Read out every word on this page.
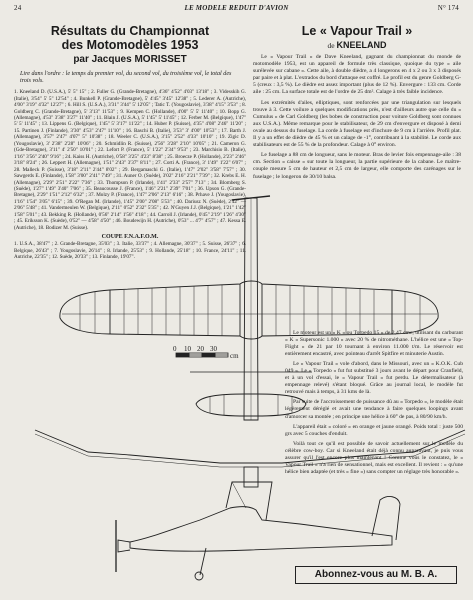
24	LE MODELE REDUIT D'AVION	N° 174
Résultats du Championnat
des Motomodèles 1953
par Jacques MORISSET

Lire dans l'ordre : le temps du premier vol, du second vol, du troisième vol, le total des trois vols.

1. Kneeland D. (U.S.A.), 5' 5" 15" ; 2. Fuller G. (Grande-Bretagne), 4'36" 4'52" 4'03" 13'18" ; 3. Videsskih G. (Italie), 3'54" 5' 5" 12'54" ; 4. Bunkell P. (Grande-Bretagne), 5' 4'45" 3'45" 12'38" ; 5. Lederer A. (Autriche), 4'00" 3'19" 4'32" 12'27" ; 6. Hill S. (U.S.A.), 3'31" 3'44" 5' 12'05" ; Tatic T. (Yougoslavie), 3'38" 4'15" 3'53" ; 8. Goldberg C. (Grande-Bretagne), 5' 3'13" 11'53" ; 9. Kempen C. (Hollande), 4'00" 5' 5' 11'40" ; 10. Bopp G. (Allemagne), 4'53" 3'38" 3'27" 11'40" ; 11. Blain J. (U.S.A.), 5' 1'45" 5' 11'45" ; 12. Ferber M. (Belgique), 1'47" 5' 5' 11'45" ; 13. Lippens G. (Belgique), 1'45" 5' 3'17" 11'22" ; 14. Huber P. (Suisse), 4'35" 4'08" 2'46" 11'20" ; 15. Partinen J. (Finlande), 3'30" 4'53" 2'47" 11'10" ; 16. Baschi B. (Italie), 3'53" 3' 4'00" 10'53" ; 17. Barth J. (Allemagne), 3'57" 2'47" 4'07" 5" 10'38" ; 18. Weeler C. (U.S.A.), 3'15" 2'52" 4'33" 10'10" ; 19. Zigic D. (Yougoslavie), 3' 2'38" 2'28" 10'06" ; 20. Schmidlin R. (Suisse), 2'56" 3'28" 2'10" 10'05" ; 21. Cameron G. (Gde-Bretagne), 3'11" 4' 2'50" 10'01" ; 22. Lefort P. (France), 5' 1'22" 2'34" 9'53" ; 23. Marchisio B. (Italie), 1'16" 3'56" 2'40" 9'16" ; 24. Kaiss H. (Autriche), 0'58" 3'25" 4'23" 8'38" ; 25. Broecze P. (Hollande), 2'23" 2'46" 3'18" 8'24" ; 26. Leppert H. (Allemagne), 1'51" 2'43" 3'37" 8'11" ; 27. Corti A. (France), 3' 1'49" 1'22" 6'07" ; 28. Malleck P. (Suisse), 3'18" 2'11" 2'44" 8'02" ; 29. Bergamaschi G. (Italie), 1'47" 2'02" 3'58" 7'57" ; 30. Sawgerds E. (Finlande), 1'58" 3'00" 2'41" 7'49" ; 31. Auner O. (Suède), 3'02" 2'16" 2'21" 7'39" ; 32. Krebs E. H. (Allemagne), 2'29" 2'51" 2'22" 7'36" ; 33. Thompson P. (Irlande), 1'41" 2'33" 2'57" 7'13" ; 34. Blomberg S. (Suède), 1'27" 1'49" 3'40" 7'06" ; 35. Beaucousse J. (France), 1'46" 2'21" 2'39" 7'01" ; 36. Upson G. (Grande-Bretagne), 2'29" 1'51" 2'12" 6'32" ; 37. Molzy P. (France), 1'47" 2'06" 2'13" 6'16" ; 38. Prhave J. (Yougoslavie), 1'16" 1'54" 3'05" 6'15" ; 39. O'Regan M. (Irlande), 1'45" 2'00" 2'08" 5'53" ; 40. Dariusz N. (Suède), 2'42" — 2'06" 5'48" ; 41. Vandermeulen W. (Belgique), 2'11" 0'52" 2'32" 5'35" ; 42. N'Guyen J.J. (Belgique), 1'21" 1'42" 1'58" 5'01" ; 43. Bekking R. (Hollande), 0'56" 2'14" 1'56" 4'18" ; 44. Carroll J. (Irlande), 0'45" 2'19" 1'26" 4'30" ; 45. Eriksson K. (Suède), 0'52" — 4'58" 4'50" ; 46. Boudewijn H. (Autriche), 0'53" ... 4'7" 4'57" ; 47. Kessa E. (Autriche), 18. Bodizer M. (Suisse).

COUPE F.N.A.F.O.M.

1. U.S.A., 38'47" ; 2. Grande-Bretagne, 35'03" ; 3. Italie, 33'37" ; 4. Allemagne, 30'37" ; 5. Suisse, 26'37" ; 6. Belgique, 26'43" ; 7. Yougoslavie, 26'14" ; 8. Irlande, 25'53" ; 9. Hollande, 25'18" ; 10. France, 24'11" ; 11. Autriche, 22'35" ; 12. Suède, 20'33" ; 13. Finlande, 19'07".

Le « Vapour Trail »
de KNEELAND

Le « Vapour Trail » de Dave Kneeland, gagnant du championnat du monde de motomodèle 1953, est un appareil de formule très classique, quoique du type « aile surélevée sur cabane ». Cette aile, à double dièdre, a 4 longerons en 4 x 2 ou 3 x 3 disposés par paire et à plat. L'extrados du bord d'attaque est coffré. Le profil est du genre Goldberg G-5 (creux : 3,5 %). Le dièdre est assez important (plus de 12 %). Envergure : 133 cm. Corde aile : 25 cm. La surface totale est de l'ordre de 25 dm². Calage à très faible incidence.

Les extrémités d'ailes, elliptiques, sont renforcées par une triangulation sur lesquels trouve à 3. Cette voilure a quelques modifications près, n'est d'ailleurs autre que celle du « Cumulus » de Carl Goldberg (les bobes de construction pour voiture Goldberg sont connues aux U.S.A.). Même remarque pour le stabilisateur, de 29 cm d'envergure et disposé à demi ovale au dessus du fuselage. La corde à fuselage est d'inchure de 9 cm à l'arrière. Profil plat. Il y a un effet de dièdre de 45 % et un calage de -1°, contribuant à la stabilité. Le corde aux stabilisateurs est de 55 % de la profondeur. Calage à 0° environ.

Le fuselage a 88 cm de longueur, sans le moteur. Bras de levier fois empennage-aile : 38 cm. Section « caisse » sur toute la longueur, la partie supérieure de la cabane. Le maître-couple mesure 5 cm de hauteur et 2,5 cm de largeur, elle comporte des carénages sur le fuselage ; le longeron de 30/10 balsa.

Le moteur est un « K » ou Torpedo 15 » de 2,47 cmc, utilisant du carburant « K » Supersonic 1.000 » avec 20 % de nitrométhane. L'hélice est une « Top-Flight » de 21 par 10 tournant à environ 11.000 t/m. Le réservoir est entièrement encastré, avec pointeau d'arrêt Spitfire et minuterie Austin.

Le « Vapour Trail » vole d'abord, dans le Missouri, avec un « K.O.K. Cub 049 ». Le « Torpedo » fut fut substitué 3 jours avant le départ pour Cranfield, et à un vol d'essai, le « Vapour Trail » fut perdu. Le détermalisateur (à empennage relevé) s'étant bloqué. Grâce au journal local, le modèle fut retrouvé mais à temps, à 31 kms de là.

Par suite de l'accroissement de puissance dû au « Torpedo », le modèle était légèrement déréglé et avait une tendance à faire quelques loopings avant d'amorcer sa montée ; en principe une hélice à 60° de pas, à 80/90 km/h.

L'appareil était « coloré » en orange et jaune orangé. Poids total : juste 500 grs avec 5 couches d'enduit.

Voilà tout ce qu'il est possible de savoir actuellement sur le modèle du célèbre cow-boy. Car si Kneeland était déjà connu auparavant, je puis vous assurer qu'il l'est encore plus maintenant ! Comme vous le constatez, le « Vapour Trail » n'a rien de sensationnel, mais est excellent. Il revient : « qu'une hélice bien adaptée (et très « fine ») sans compter un réglage très honorable ».

Abonnez-vous au M. B. A.
0 10 20 30
cm
